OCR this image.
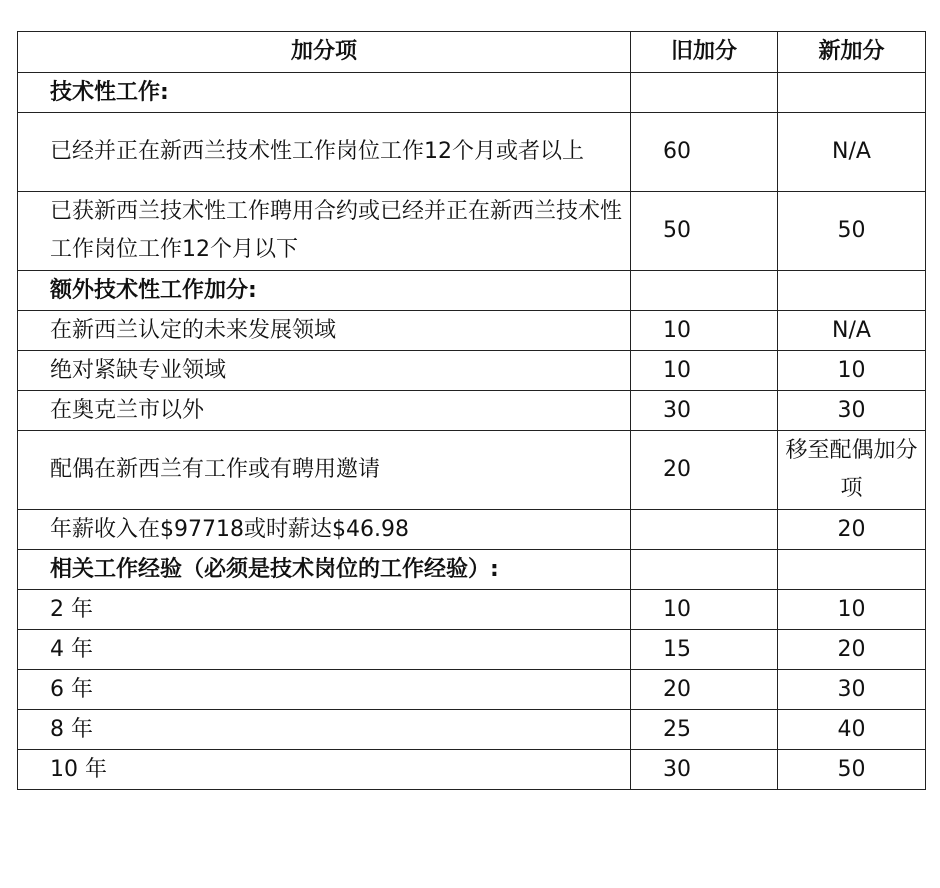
加分项	旧加分	新加分
技术性工作:		
已经并正在新西兰技术性工作岗位工作12个月或者以上	60	N/A
已获新西兰技术性工作聘用合约或已经并正在新西兰技术性工作岗位工作12个月以下	50	50
额外技术性工作加分:		
在新西兰认定的未来发展领域	10	N/A
绝对紧缺专业领域	10	10
在奥克兰市以外	30	30
配偶在新西兰有工作或有聘用邀请	20	移至配偶加分项
年薪收入在$97718或时薪达$46.98		20
相关工作经验（必须是技术岗位的工作经验）:		
2 年	10	10
4 年	15	20
6 年	20	30
8 年	25	40
10 年	30	50
